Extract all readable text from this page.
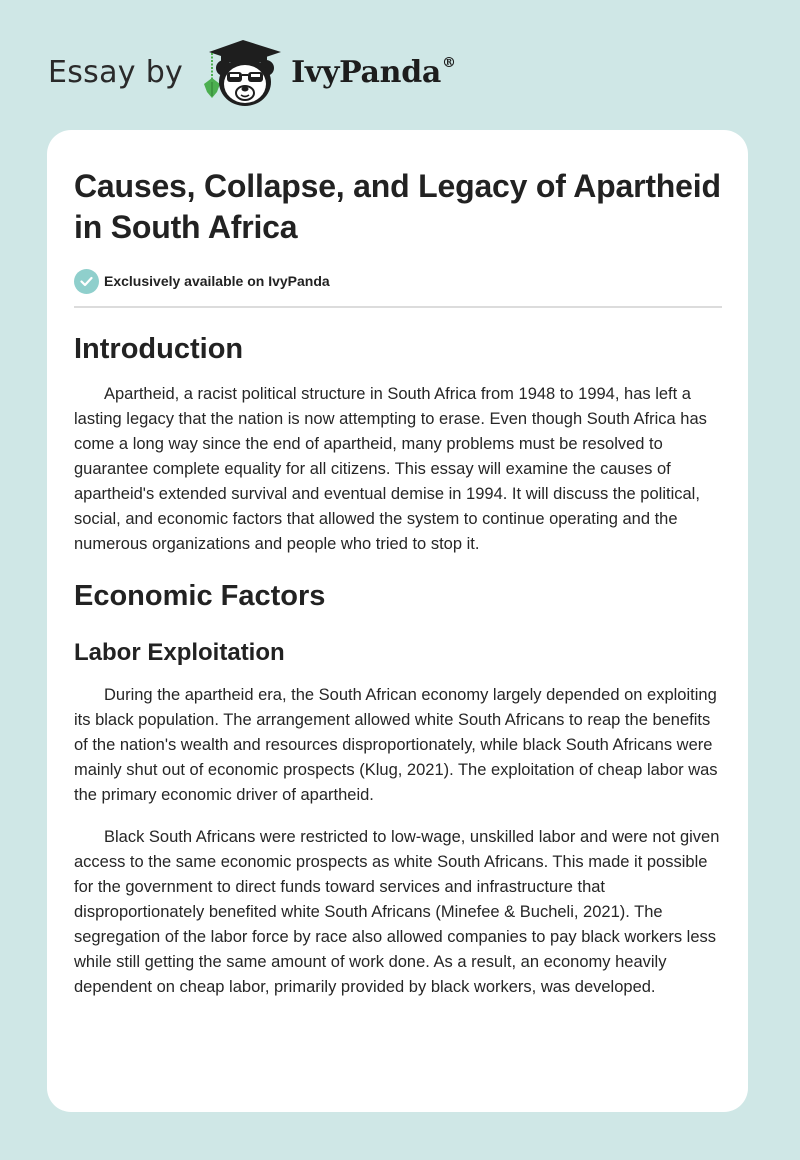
Essay by	IvyPanda®
Causes, Collapse, and Legacy of Apartheid in South Africa
Exclusively available on IvyPanda
Introduction

Apartheid, a racist political structure in South Africa from 1948 to 1994, has left a lasting legacy that the nation is now attempting to erase. Even though South Africa has come a long way since the end of apartheid, many problems must be resolved to guarantee complete equality for all citizens. This essay will examine the causes of apartheid's extended survival and eventual demise in 1994. It will discuss the political, social, and economic factors that allowed the system to continue operating and the numerous organizations and people who tried to stop it.

Economic Factors
Labor Exploitation

During the apartheid era, the South African economy largely depended on exploiting its black population. The arrangement allowed white South Africans to reap the benefits of the nation's wealth and resources disproportionately, while black South Africans were mainly shut out of economic prospects (Klug, 2021). The exploitation of cheap labor was the primary economic driver of apartheid.

Black South Africans were restricted to low-wage, unskilled labor and were not given access to the same economic prospects as white South Africans. This made it possible for the government to direct funds toward services and infrastructure that disproportionately benefited white South Africans (Minefee & Bucheli, 2021). The segregation of the labor force by race also allowed companies to pay black workers less while still getting the same amount of work done. As a result, an economy heavily dependent on cheap labor, primarily provided by black workers, was developed.
